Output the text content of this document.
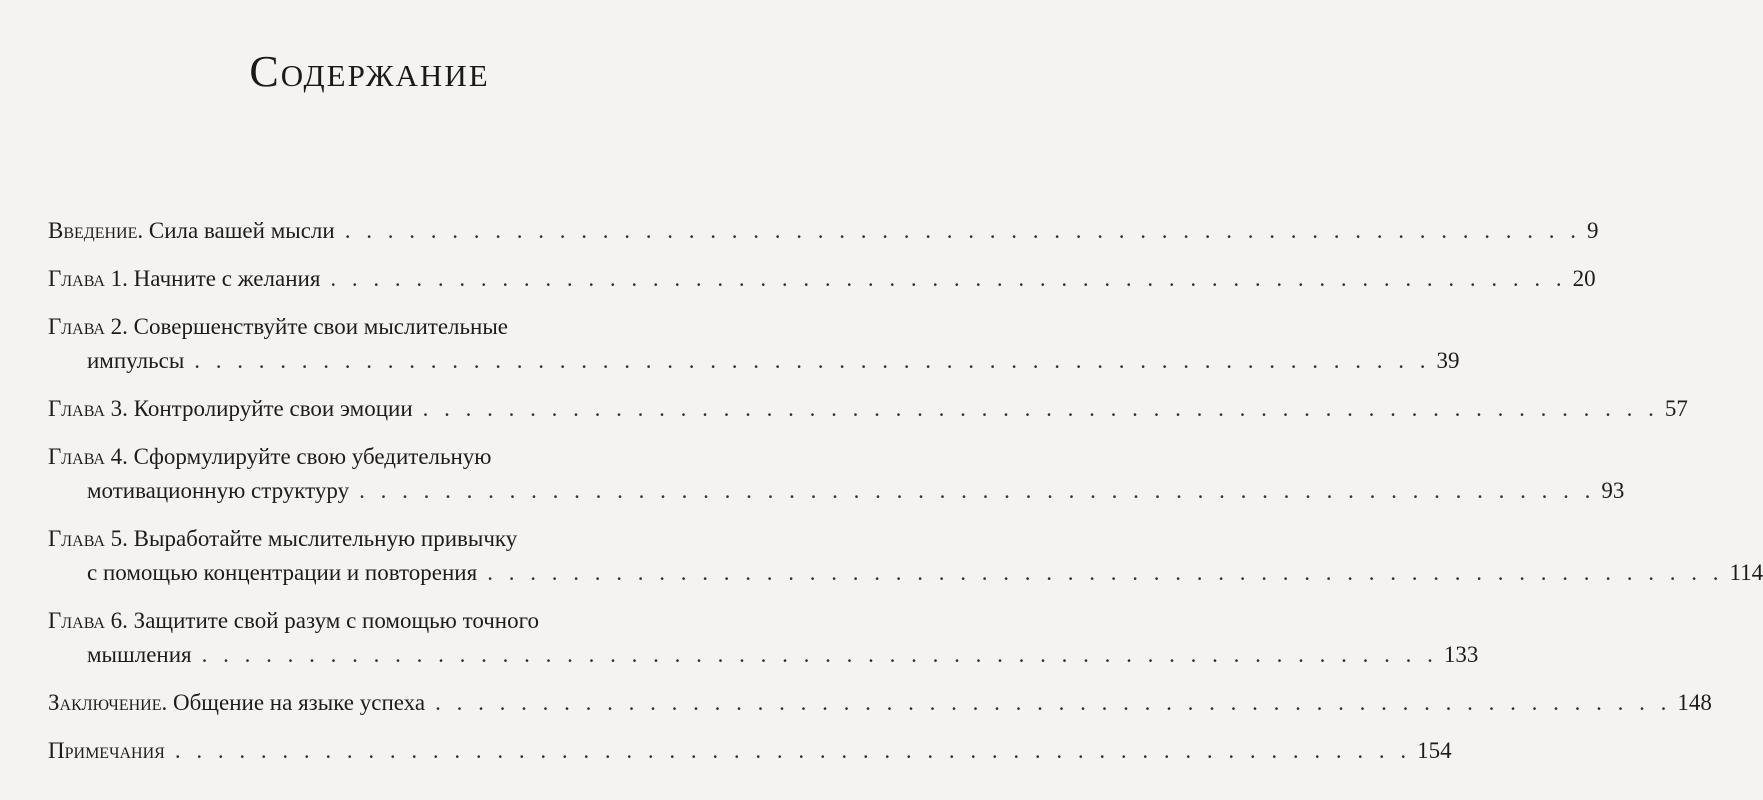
Содержание
Введение. Сила вашей мысли . . . . . . . . . . . . . . . . . . . . . . . . . . . . . . . . . . . . . . . . . . . . . . . . . . . . . . . . . . 9
Глава 1. Начните с желания . . . . . . . . . . . . . . . . . . . . . . . . . . . . . . . . . . . . . . . . . . . . . . . . . . . . . . . . . . 20
Глава 2. Совершенствуйте свои мыслительные
импульсы . . . . . . . . . . . . . . . . . . . . . . . . . . . . . . . . . . . . . . . . . . . . . . . . . . . . . . . . . . 39
Глава 3. Контролируйте свои эмоции . . . . . . . . . . . . . . . . . . . . . . . . . . . . . . . . . . . . . . . . . . . . . . . . . . . . . . . . . . 57
Глава 4. Сформулируйте свою убедительную
мотивационную структуру . . . . . . . . . . . . . . . . . . . . . . . . . . . . . . . . . . . . . . . . . . . . . . . . . . . . . . . . . . 93
Глава 5. Выработайте мыслительную привычку
с помощью концентрации и повторения . . . . . . . . . . . . . . . . . . . . . . . . . . . . . . . . . . . . . . . . . . . . . . . . . . . . . . . . . . 114
Глава 6. Защитите свой разум с помощью точного
мышления . . . . . . . . . . . . . . . . . . . . . . . . . . . . . . . . . . . . . . . . . . . . . . . . . . . . . . . . . . 133
Заключение. Общение на языке успеха . . . . . . . . . . . . . . . . . . . . . . . . . . . . . . . . . . . . . . . . . . . . . . . . . . . . . . . . . . 148
Примечания . . . . . . . . . . . . . . . . . . . . . . . . . . . . . . . . . . . . . . . . . . . . . . . . . . . . . . . . . . 154
